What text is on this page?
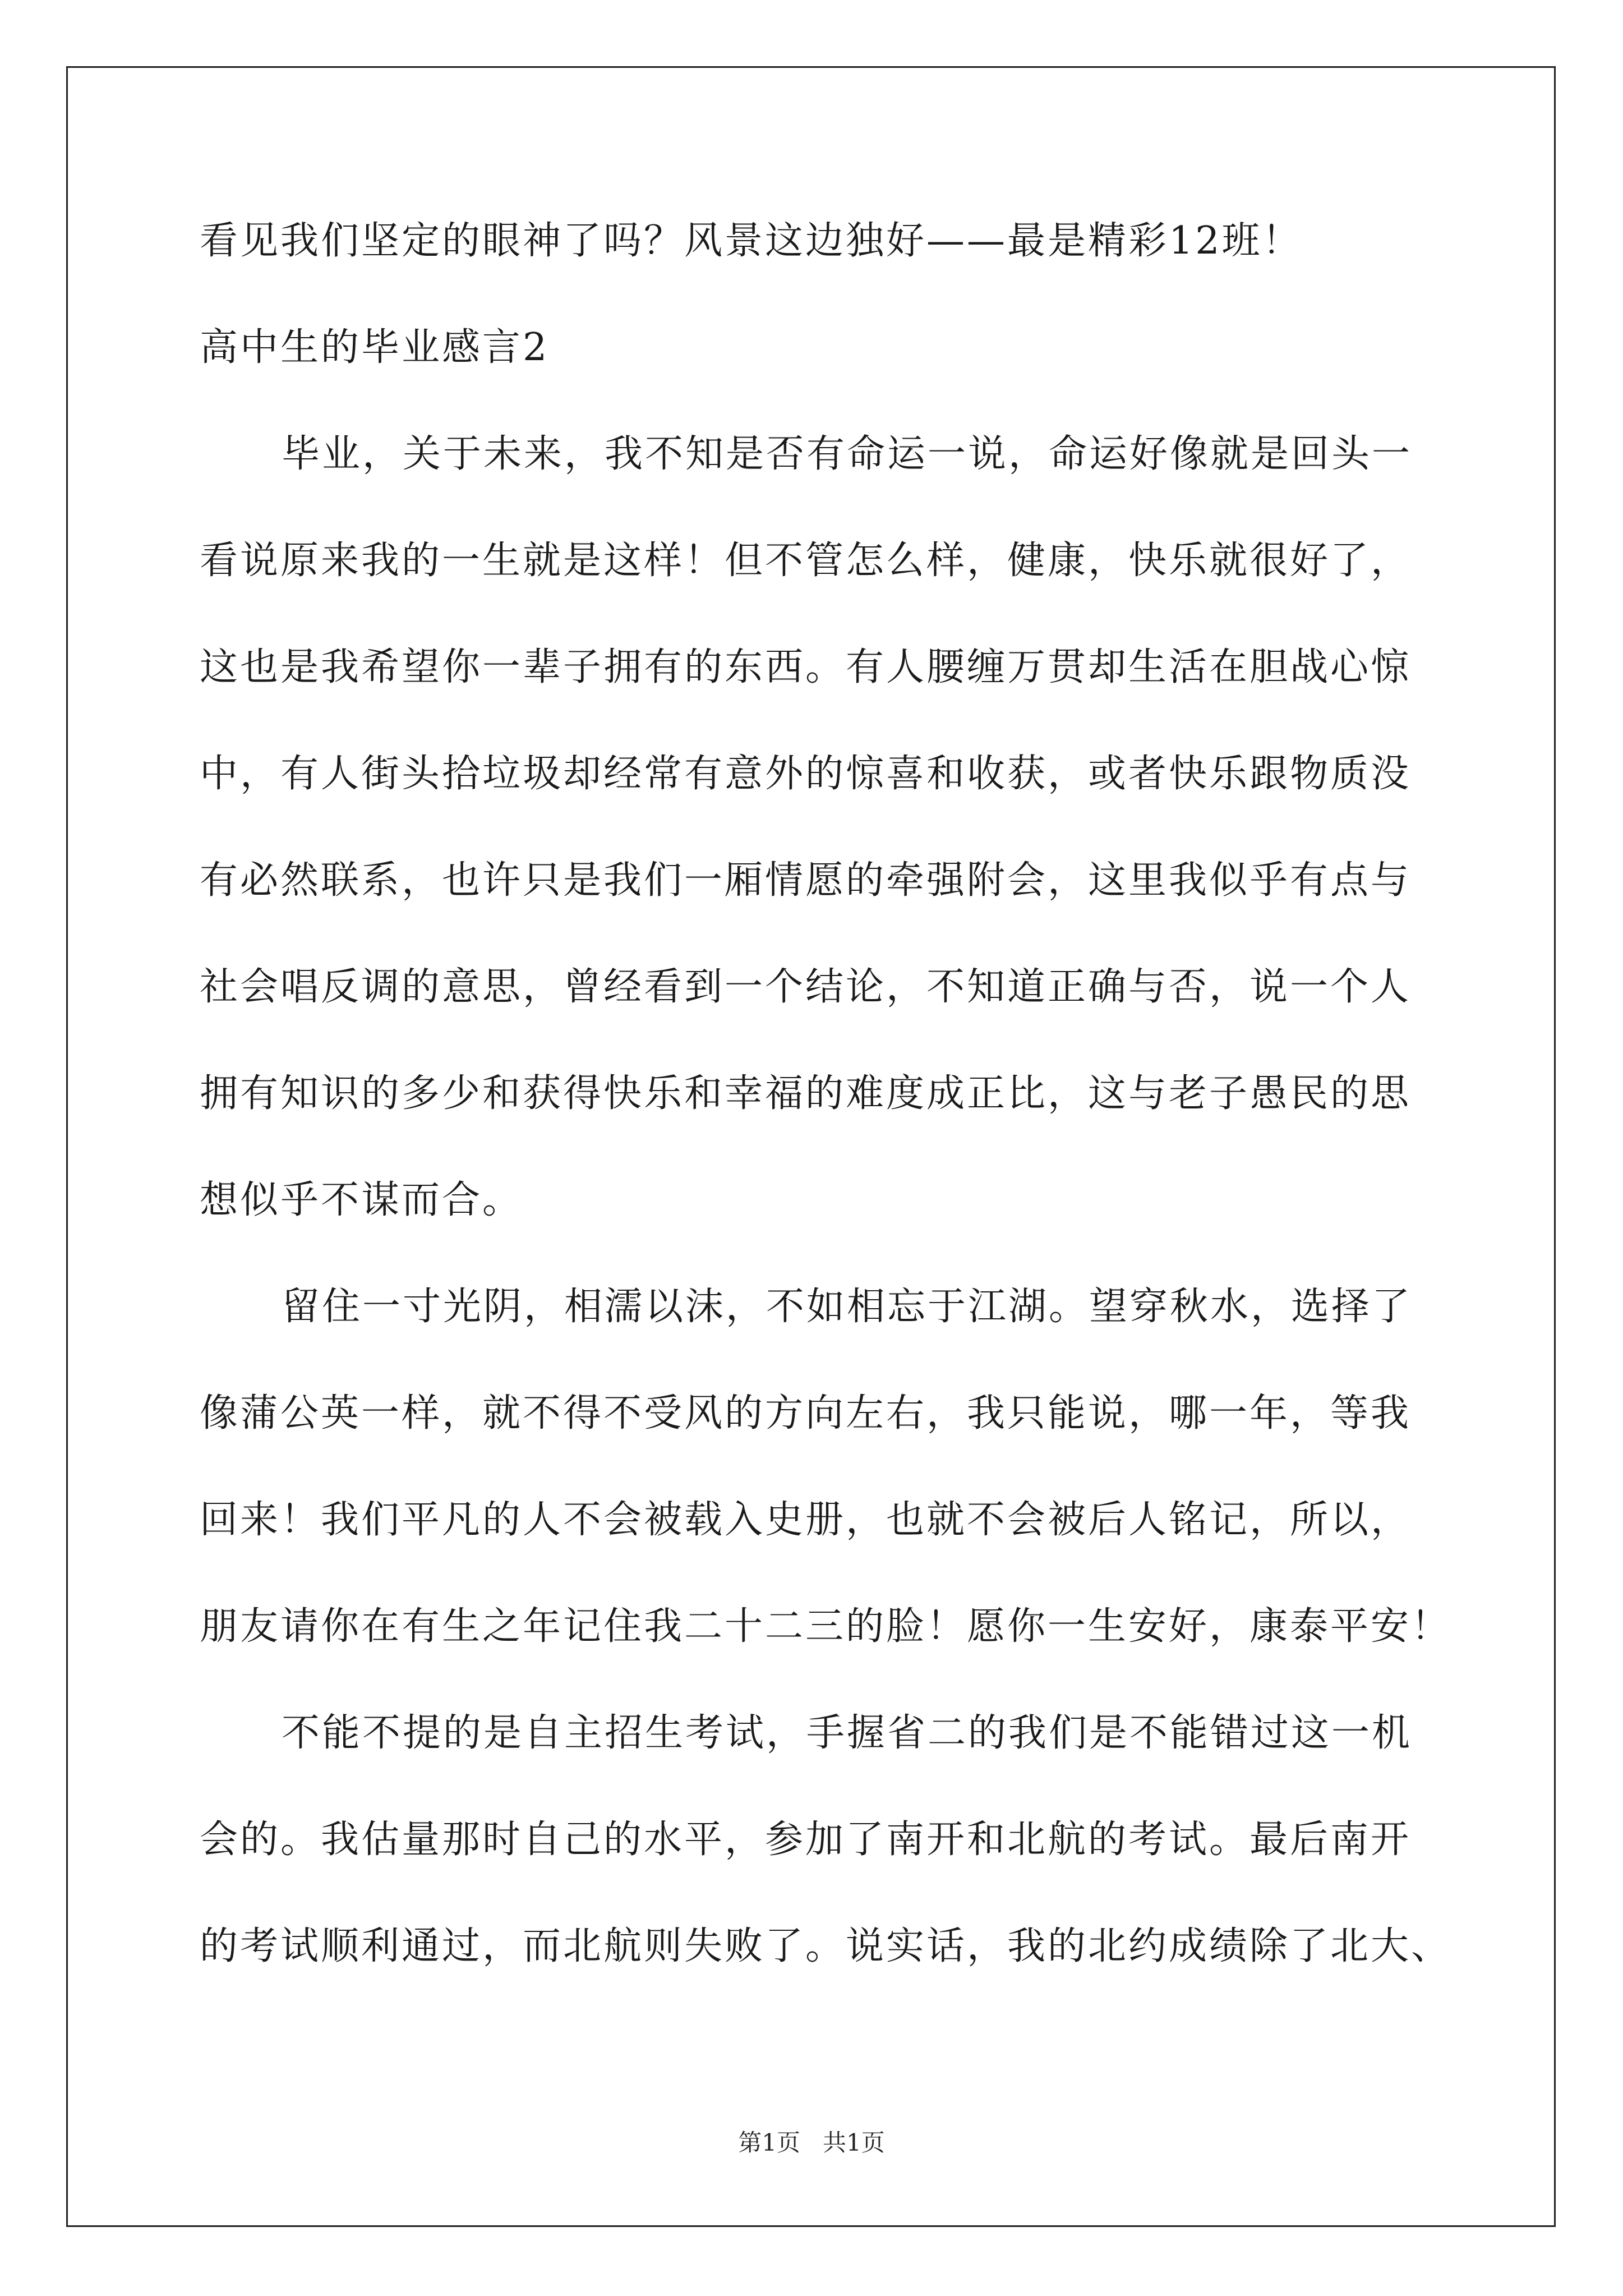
看见我们坚定的眼神了吗？风景这边独好——最是精彩12班！
高中生的毕业感言2
毕业，关于未来，我不知是否有命运一说，命运好像就是回头一
看说原来我的一生就是这样！但不管怎么样，健康，快乐就很好了，
这也是我希望你一辈子拥有的东西。有人腰缠万贯却生活在胆战心惊
中，有人街头拾垃圾却经常有意外的惊喜和收获，或者快乐跟物质没
有必然联系，也许只是我们一厢情愿的牵强附会，这里我似乎有点与
社会唱反调的意思，曾经看到一个结论，不知道正确与否，说一个人
拥有知识的多少和获得快乐和幸福的难度成正比，这与老子愚民的思
想似乎不谋而合。
留住一寸光阴，相濡以沫，不如相忘于江湖。望穿秋水，选择了
像蒲公英一样，就不得不受风的方向左右，我只能说，哪一年，等我
回来！我们平凡的人不会被载入史册，也就不会被后人铭记，所以，
朋友请你在有生之年记住我二十二三的脸！愿你一生安好，康泰平安！
不能不提的是自主招生考试，手握省二的我们是不能错过这一机
会的。我估量那时自己的水平，参加了南开和北航的考试。最后南开
的考试顺利通过，而北航则失败了。说实话，我的北约成绩除了北大、
第1页   共1页
